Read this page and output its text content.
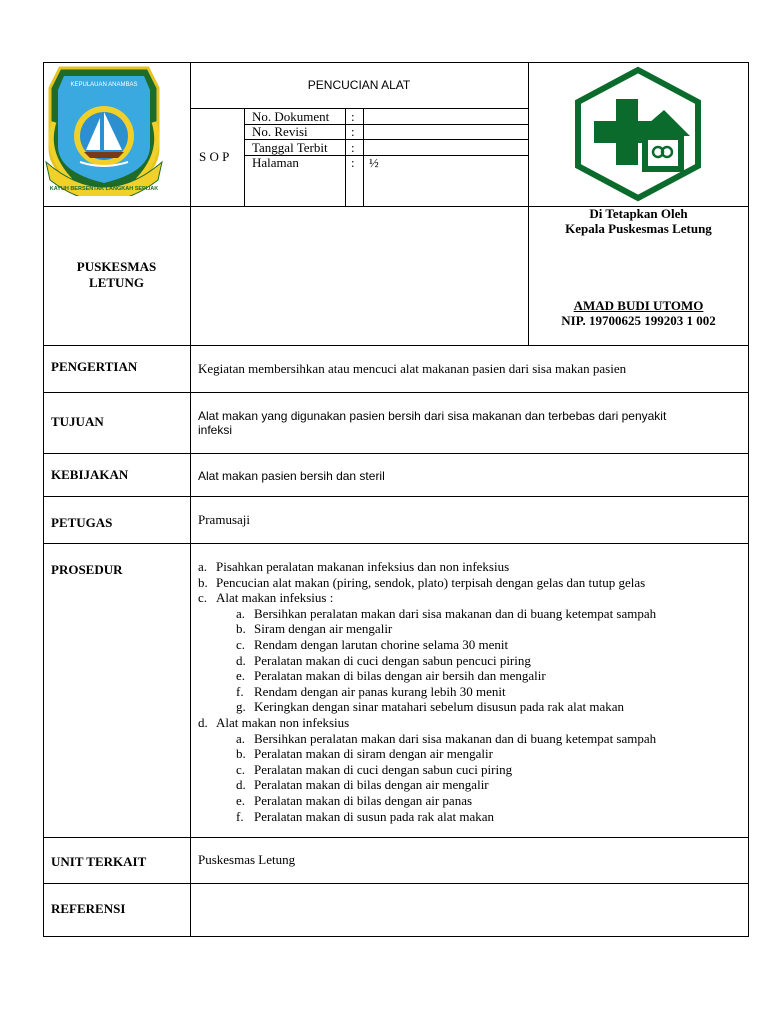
KEPULAUAN ANAMBAS
KAYUH BERSENTAK LANGKAH SEPIJAK
PENCUCIAN ALAT
S O P
No. Dokument :
No. Revisi	:
Tanggal Terbit :
Halaman	: ½
PUSKESMAS
LETUNG
Di Tetapkan Oleh
Kepala Puskesmas Letung
AMAD BUDI UTOMO
NIP. 19700625 199203 1 002
PENGERTIAN	Kegiatan membersihkan atau mencuci alat makanan pasien dari sisa makan pasien
TUJUAN	Alat makan yang digunakan pasien bersih dari sisa makanan dan terbebas dari penyakit
infeksi
KEBIJAKAN	Alat makan pasien bersih dan steril
PETUGAS	Pramusaji
PROSEDUR	a. Pisahkan peralatan makanan infeksius dan non infeksius
b. Pencucian alat makan (piring, sendok, plato) terpisah dengan gelas dan tutup gelas
c. Alat makan infeksius :
a. Bersihkan peralatan makan dari sisa makanan dan di buang ketempat sampah
b. Siram dengan air mengalir
c. Rendam dengan larutan chorine selama 30 menit
d. Peralatan makan di cuci dengan sabun pencuci piring
e. Peralatan makan di bilas dengan air bersih dan mengalir
f. Rendam dengan air panas kurang lebih 30 menit
g. Keringkan dengan sinar matahari sebelum disusun pada rak alat makan
d. Alat makan non infeksius
a. Bersihkan peralatan makan dari sisa makanan dan di buang ketempat sampah
b. Peralatan makan di siram dengan air mengalir
c. Peralatan makan di cuci dengan sabun cuci piring
d. Peralatan makan di bilas dengan air mengalir
e. Peralatan makan di bilas dengan air panas
f. Peralatan makan di susun pada rak alat makan
UNIT TERKAIT	Puskesmas Letung
REFERENSI
